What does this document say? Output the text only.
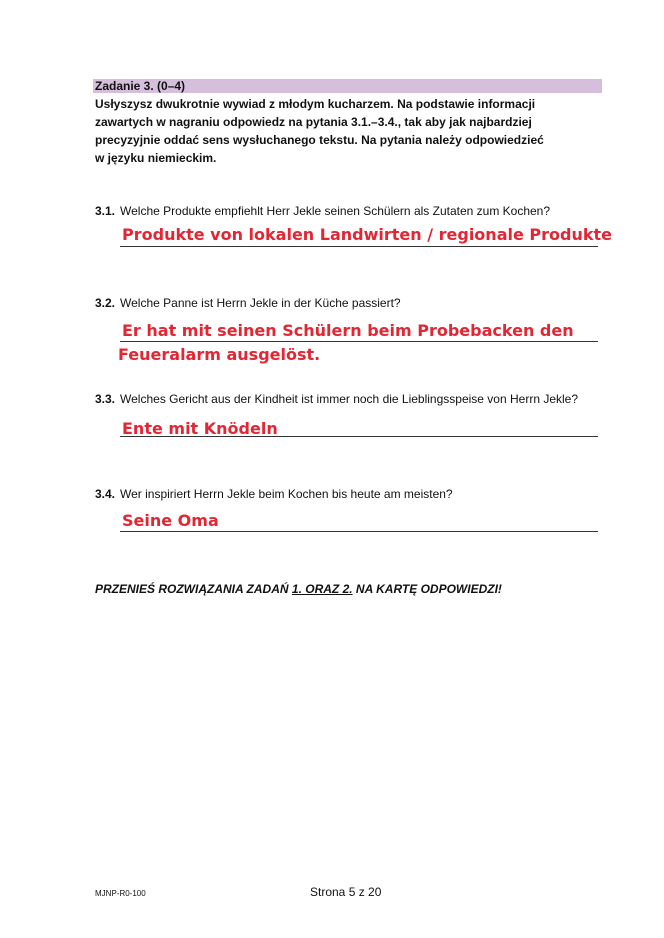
Zadanie 3. (0–4)
Usłyszysz dwukrotnie wywiad z młodym kucharzem. Na podstawie informacji
zawartych w nagraniu odpowiedz na pytania 3.1.–3.4., tak aby jak najbardziej
precyzyjnie oddać sens wysłuchanego tekstu. Na pytania należy odpowiedzieć
w języku niemieckim.
3.1. Welche Produkte empfiehlt Herr Jekle seinen Schülern als Zutaten zum Kochen?
Produkte von lokalen Landwirten / regionale Produkte
3.2. Welche Panne ist Herrn Jekle in der Küche passiert?
Er hat mit seinen Schülern beim Probebacken den
Feueralarm ausgelöst.
3.3. Welches Gericht aus der Kindheit ist immer noch die Lieblingsspeise von Herrn Jekle?
Ente mit Knödeln
3.4. Wer inspiriert Herrn Jekle beim Kochen bis heute am meisten?
Seine Oma
PRZENIEŚ ROZWIĄZANIA ZADAŃ 1. ORAZ 2. NA KARTĘ ODPOWIEDZI!
MJNP-R0-100	Strona 5 z 20
